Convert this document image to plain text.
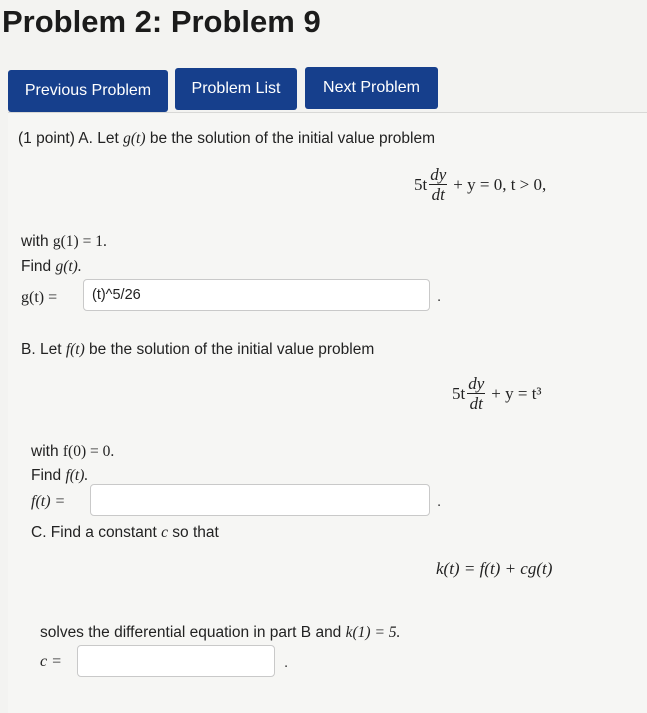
Problem 2: Problem 9
Previous Problem	Problem List	Next Problem
(1 point) A. Let g(t) be the solution of the initial value problem
$5t \frac{dy}{dt} + y = 0$, t > 0,
with g(1) = 1.
Find g(t).
g(t) =	(t)^5/26	.
B. Let f(t) be the solution of the initial value problem
$5t \frac{dy}{dt} + y = t^3$
with f(0) = 0.
Find f(t).
f(t) =	.
C. Find a constant c so that
k(t) = f(t) + cg(t)
solves the differential equation in part B and k(1) = 5.
c =	.
